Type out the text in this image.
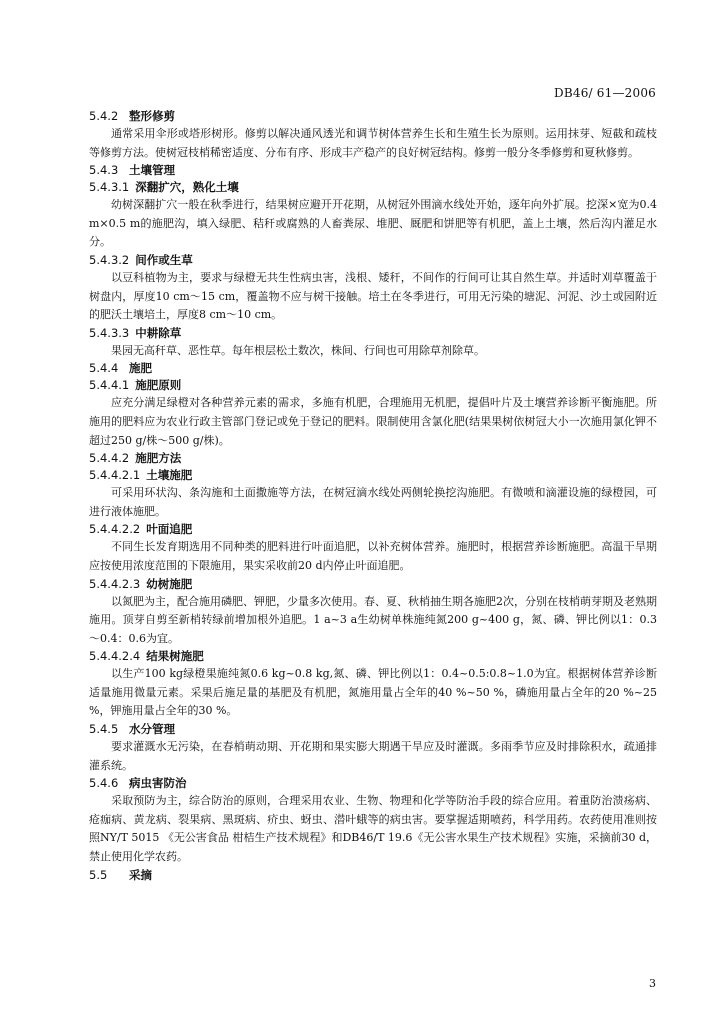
DB46/ 61—2006
5.4.2 整形修剪

通常采用伞形或塔形树形。修剪以解决通风透光和调节树体营养生长和生殖生长为原则。运用抹芽、短截和疏枝等修剪方法。使树冠枝梢稀密适度、分布有序、形成丰产稳产的良好树冠结构。修剪一般分冬季修剪和夏秋修剪。

5.4.3 土壤管理
5.4.3.1 深翻扩穴，熟化土壤

幼树深翻扩穴一般在秋季进行，结果树应避开开花期，从树冠外围滴水线处开始，逐年向外扩展。挖深×宽为0.4 m×0.5 m的施肥沟，填入绿肥、秸秆或腐熟的人畜粪尿、堆肥、厩肥和饼肥等有机肥，盖上土壤，然后沟内灌足水分。

5.4.3.2 间作或生草

以豆科植物为主，要求与绿橙无共生性病虫害，浅根、矮秆，不间作的行间可让其自然生草。并适时刈草覆盖于树盘内，厚度10 cm～15 cm，覆盖物不应与树干接触。培土在冬季进行，可用无污染的塘泥、河泥、沙土或园附近的肥沃土壤培土，厚度8 cm～10 cm。

5.4.3.3 中耕除草

果园无高秆草、恶性草。每年根层松土数次，株间、行间也可用除草剂除草。

5.4.4 施肥
5.4.4.1 施肥原则

应充分满足绿橙对各种营养元素的需求，多施有机肥，合理施用无机肥，提倡叶片及土壤营养诊断平衡施肥。所施用的肥料应为农业行政主管部门登记或免于登记的肥料。限制使用含氯化肥(结果果树依树冠大小一次施用氯化钾不超过250 g/株～500 g/株)。

5.4.4.2 施肥方法
5.4.4.2.1 土壤施肥

可采用环状沟、条沟施和土面撒施等方法，在树冠滴水线处两侧轮换挖沟施肥。有微喷和滴灌设施的绿橙园，可进行液体施肥。

5.4.4.2.2 叶面追肥

不同生长发育期选用不同种类的肥料进行叶面追肥，以补充树体营养。施肥时，根据营养诊断施肥。高温干旱期应按使用浓度范围的下限施用，果实采收前20 d内停止叶面追肥。

5.4.4.2.3 幼树施肥

以氮肥为主，配合施用磷肥、钾肥，少量多次使用。春、夏、秋梢抽生期各施肥2次，分别在枝梢萌芽期及老熟期施用。顶芽自剪至新梢转绿前增加根外追肥。1 a~3 a生幼树单株施纯氮200 g~400 g，氮、磷、钾比例以1：0.3 ～0.4：0.6为宜。

5.4.4.2.4 结果树施肥

以生产100 kg绿橙果施纯氮0.6 kg~0.8 kg,氮、磷、钾比例以1：0.4~0.5:0.8~1.0为宜。根据树体营养诊断适量施用微量元素。采果后施足量的基肥及有机肥，氮施用量占全年的40 %~50 %，磷施用量占全年的20 %~25 %，钾施用量占全年的30 %。

5.4.5 水分管理

要求灌溉水无污染，在春梢萌动期、开花期和果实膨大期遇干旱应及时灌溉。多雨季节应及时排除积水，疏通排灌系统。

5.4.6 病虫害防治

采取预防为主，综合防治的原则，合理采用农业、生物、物理和化学等防治手段的综合应用。着重防治溃疡病、疮痂病、黄龙病、裂果病、黑斑病、疥虫、蚜虫、潜叶蛾等的病虫害。要掌握适期喷药，科学用药。农药使用准则按照NY/T 5015 《无公害食品 柑桔生产技术规程》和DB46/T 19.6《无公害水果生产技术规程》实施，采摘前30 d，禁止使用化学农药。

5.5 采摘
3
